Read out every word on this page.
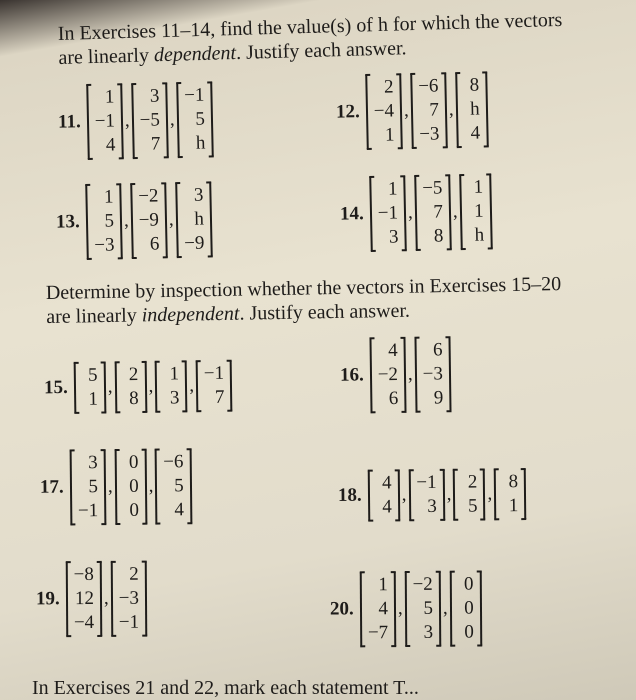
In Exercises 11–14, find the value(s) of h for which the vectors
are linearly dependent. Justify each answer.
11.
1
−1
4
,
3
−5
7
,
−1
5
h
12.
2
−4
1
,
−6
7
−3
,
8
h
4
13.
1
5
−3
,
−2
−9
6
,
3
h
−9
14.
1
−1
3
,
−5
7
8
,
1
1
h
Determine by inspection whether the vectors in Exercises 15–20
are linearly independent. Justify each answer.
15.
5
1
,
2
8
,
1
3
,
−1
7
16.
4
−2
6
,
6
−3
9
17.
3
5
−1
,
0
0
0
,
−6
5
4
18.
4
4
,
−1
3
,
2
5
,
8
1
19.
−8
12
−4
,
2
−3
−1
20.
1
4
−7
,
−2
5
3
,
0
0
0
In Exercises 21 and 22, mark each statement T...
